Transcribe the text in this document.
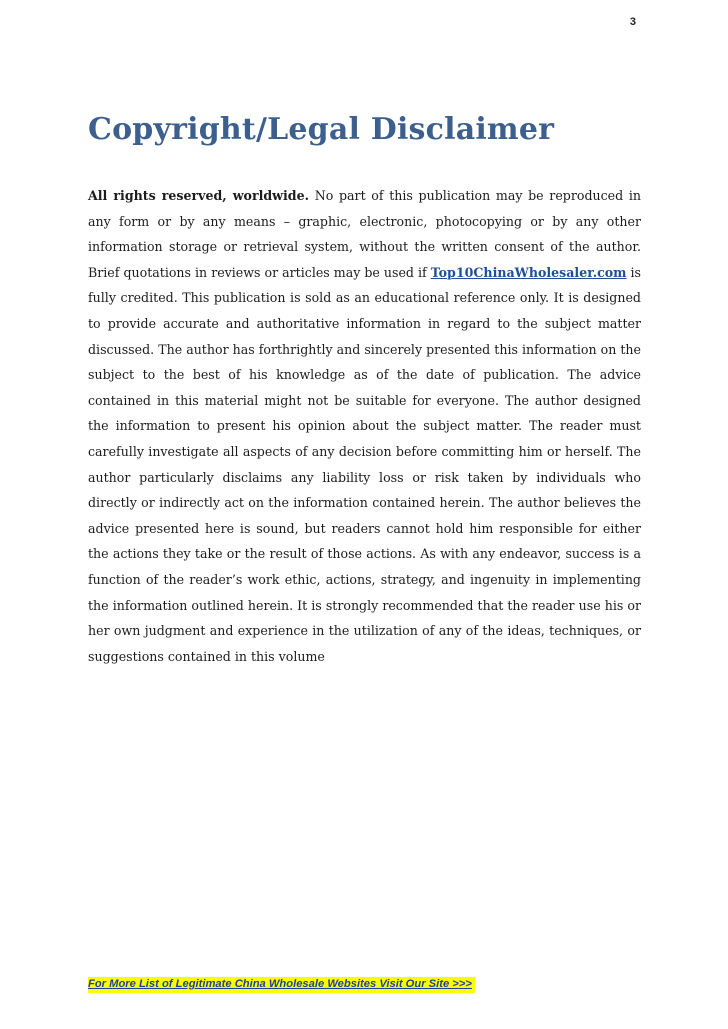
3
Copyright/Legal Disclaimer

All rights reserved, worldwide. No part of this publication may be reproduced in any form or by any means – graphic, electronic, photocopying or by any other information storage or retrieval system, without the written consent of the author. Brief quotations in reviews or articles may be used if Top10ChinaWholesaler.com is fully credited. This publication is sold as an educational reference only. It is designed to provide accurate and authoritative information in regard to the subject matter discussed. The author has forthrightly and sincerely presented this information on the subject to the best of his knowledge as of the date of publication. The advice contained in this material might not be suitable for everyone. The author designed the information to present his opinion about the subject matter. The reader must carefully investigate all aspects of any decision before committing him or herself. The author particularly disclaims any liability loss or risk taken by individuals who directly or indirectly act on the information contained herein. The author believes the advice presented here is sound, but readers cannot hold him responsible for either the actions they take or the result of those actions. As with any endeavor, success is a function of the reader’s work ethic, actions, strategy, and ingenuity in implementing the information outlined herein. It is strongly recommended that the reader use his or her own judgment and experience in the utilization of any of the ideas, techniques, or suggestions contained in this volume

For More List of Legitimate China Wholesale Websites Visit Our Site >>>
